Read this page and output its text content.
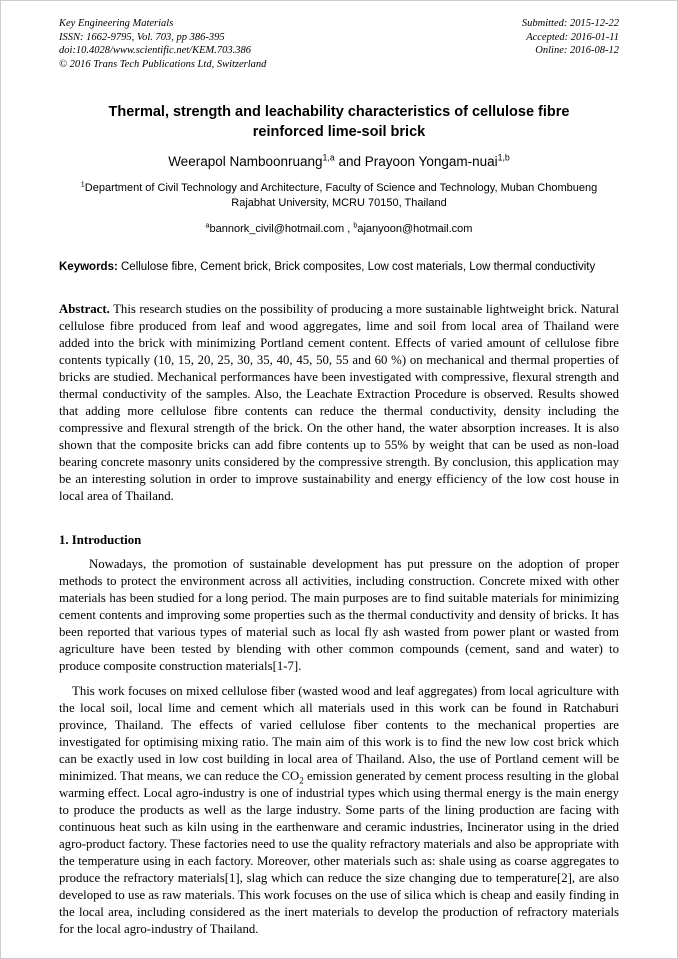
Key Engineering Materials
ISSN: 1662-9795, Vol. 703, pp 386-395
doi:10.4028/www.scientific.net/KEM.703.386
© 2016 Trans Tech Publications Ltd, Switzerland
Submitted: 2015-12-22
Accepted: 2016-01-11
Online: 2016-08-12
Thermal, strength and leachability characteristics of cellulose fibre reinforced lime-soil brick
Weerapol Namboonruang$^{1,a}$ and Prayoon Yongam-nuai$^{1,b}$
$^1$Department of Civil Technology and Architecture, Faculty of Science and Technology, Muban Chombueng Rajabhat University, MCRU 70150, Thailand
$^a$bannork_civil@hotmail.com , $^b$ajanyoon@hotmail.com
Keywords: Cellulose fibre, Cement brick, Brick composites, Low cost materials, Low thermal conductivity
Abstract. This research studies on the possibility of producing a more sustainable lightweight brick. Natural cellulose fibre produced from leaf and wood aggregates, lime and soil from local area of Thailand were added into the brick with minimizing Portland cement content. Effects of varied amount of cellulose fibre contents typically (10, 15, 20, 25, 30, 35, 40, 45, 50, 55 and 60 %) on mechanical and thermal properties of bricks are studied. Mechanical performances have been investigated with compressive, flexural strength and thermal conductivity of the samples. Also, the Leachate Extraction Procedure is observed. Results showed that adding more cellulose fibre contents can reduce the thermal conductivity, density including the compressive and flexural strength of the brick. On the other hand, the water absorption increases. It is also shown that the composite bricks can add fibre contents up to 55% by weight that can be used as non-load bearing concrete masonry units considered by the compressive strength. By conclusion, this application may be an interesting solution in order to improve sustainability and energy efficiency of the low cost house in local area of Thailand.
1. Introduction
Nowadays, the promotion of sustainable development has put pressure on the adoption of proper methods to protect the environment across all activities, including construction. Concrete mixed with other materials has been studied for a long period. The main purposes are to find suitable materials for minimizing cement contents and improving some properties such as the thermal conductivity and density of bricks. It has been reported that various types of material such as local fly ash wasted from power plant or wasted from agriculture have been tested by blending with other common compounds (cement, sand and water) to produce composite construction materials[1-7].
This work focuses on mixed cellulose fiber (wasted wood and leaf aggregates) from local agriculture with the local soil, local lime and cement which all materials used in this work can be found in Ratchaburi province, Thailand. The effects of varied cellulose fiber contents to the mechanical properties are investigated for optimising mixing ratio. The main aim of this work is to find the new low cost brick which can be exactly used in low cost building in local area of Thailand. Also, the use of Portland cement will be minimized. That means, we can reduce the $CO_2$ emission generated by cement process resulting in the global warming effect. Local agro-industry is one of industrial types which using thermal energy is the main energy to produce the products as well as the large industry. Some parts of the lining production are facing with continuous heat such as kiln using in the earthenware and ceramic industries, Incinerator using in the dried agro-product factory. These factories need to use the quality refractory materials and also be appropriate with the temperature using in each factory. Moreover, other materials such as: shale using as coarse aggregates to produce the refractory materials[1], slag which can reduce the size changing due to temperature[2], are also developed to use as raw materials. This work focuses on the use of silica which is cheap and easily finding in the local area, including considered as the inert materials to develop the production of refractory materials for the local agro-industry of Thailand.
